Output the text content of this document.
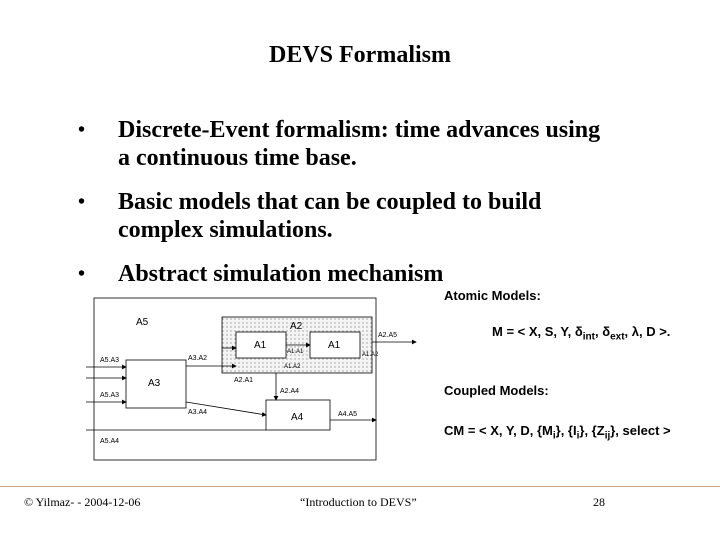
DEVS Formalism
•	Discrete-Event formalism: time advances using
a continuous time base.
•	Basic models that can be coupled to build
complex simulations.
•	Abstract simulation mechanism
A5	A2
A1	A1
A3
A4
A5.A3
A5.A3
A5.A4
A3.A2
A3.A4
A1.A1
A1.A2
A1.A2
A2.A1
A2.A5
A2.A4
A4.A5
Atomic Models:
M = < X, S, Y, $\delta_{int}$, $\delta_{ext}$, λ, D >.
Coupled Models:
CM = < X, Y, D, $\{M_i\}$, $\{I_i\}$, $\{Z_{ij}\}$, select >
© Yilmaz- - 2004-12-06	“Introduction to DEVS”	28
